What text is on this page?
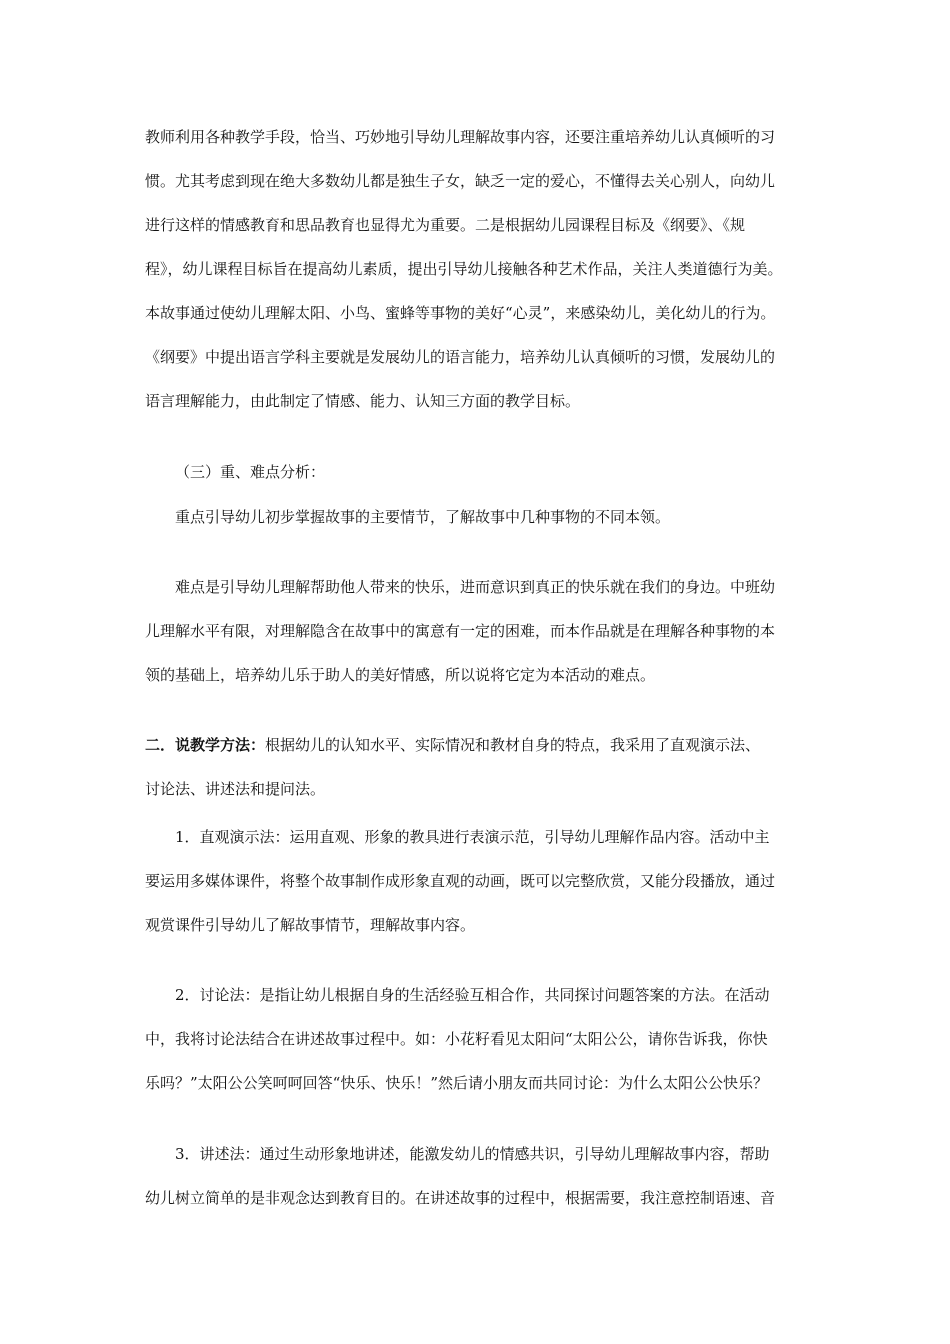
教师利用各种教学手段，恰当、巧妙地引导幼儿理解故事内容，还要注重培养幼儿认真倾听的习
惯。尤其考虑到现在绝大多数幼儿都是独生子女，缺乏一定的爱心，不懂得去关心别人，向幼儿
进行这样的情感教育和思品教育也显得尤为重要。二是根据幼儿园课程目标及《纲要》、《规
程》，幼儿课程目标旨在提高幼儿素质，提出引导幼儿接触各种艺术作品，关注人类道德行为美。
本故事通过使幼儿理解太阳、小鸟、蜜蜂等事物的美好“心灵”，来感染幼儿，美化幼儿的行为。
《纲要》中提出语言学科主要就是发展幼儿的语言能力，培养幼儿认真倾听的习惯，发展幼儿的
语言理解能力，由此制定了情感、能力、认知三方面的教学目标。
（三）重、难点分析：
重点引导幼儿初步掌握故事的主要情节，了解故事中几种事物的不同本领。
难点是引导幼儿理解帮助他人带来的快乐，进而意识到真正的快乐就在我们的身边。中班幼
儿理解水平有限，对理解隐含在故事中的寓意有一定的困难，而本作品就是在理解各种事物的本
领的基础上，培养幼儿乐于助人的美好情感，所以说将它定为本活动的难点。
二．说教学方法：根据幼儿的认知水平、实际情况和教材自身的特点，我采用了直观演示法、
讨论法、讲述法和提问法。
1．直观演示法：运用直观、形象的教具进行表演示范，引导幼儿理解作品内容。活动中主
要运用多媒体课件，将整个故事制作成形象直观的动画，既可以完整欣赏，又能分段播放，通过
观赏课件引导幼儿了解故事情节，理解故事内容。
2．讨论法：是指让幼儿根据自身的生活经验互相合作，共同探讨问题答案的方法。在活动
中，我将讨论法结合在讲述故事过程中。如：小花籽看见太阳问“太阳公公，请你告诉我，你快
乐吗？”太阳公公笑呵呵回答“快乐、快乐！”然后请小朋友而共同讨论：为什么太阳公公快乐？
3．讲述法：通过生动形象地讲述，能激发幼儿的情感共识，引导幼儿理解故事内容，帮助
幼儿树立简单的是非观念达到教育目的。在讲述故事的过程中，根据需要，我注意控制语速、音
